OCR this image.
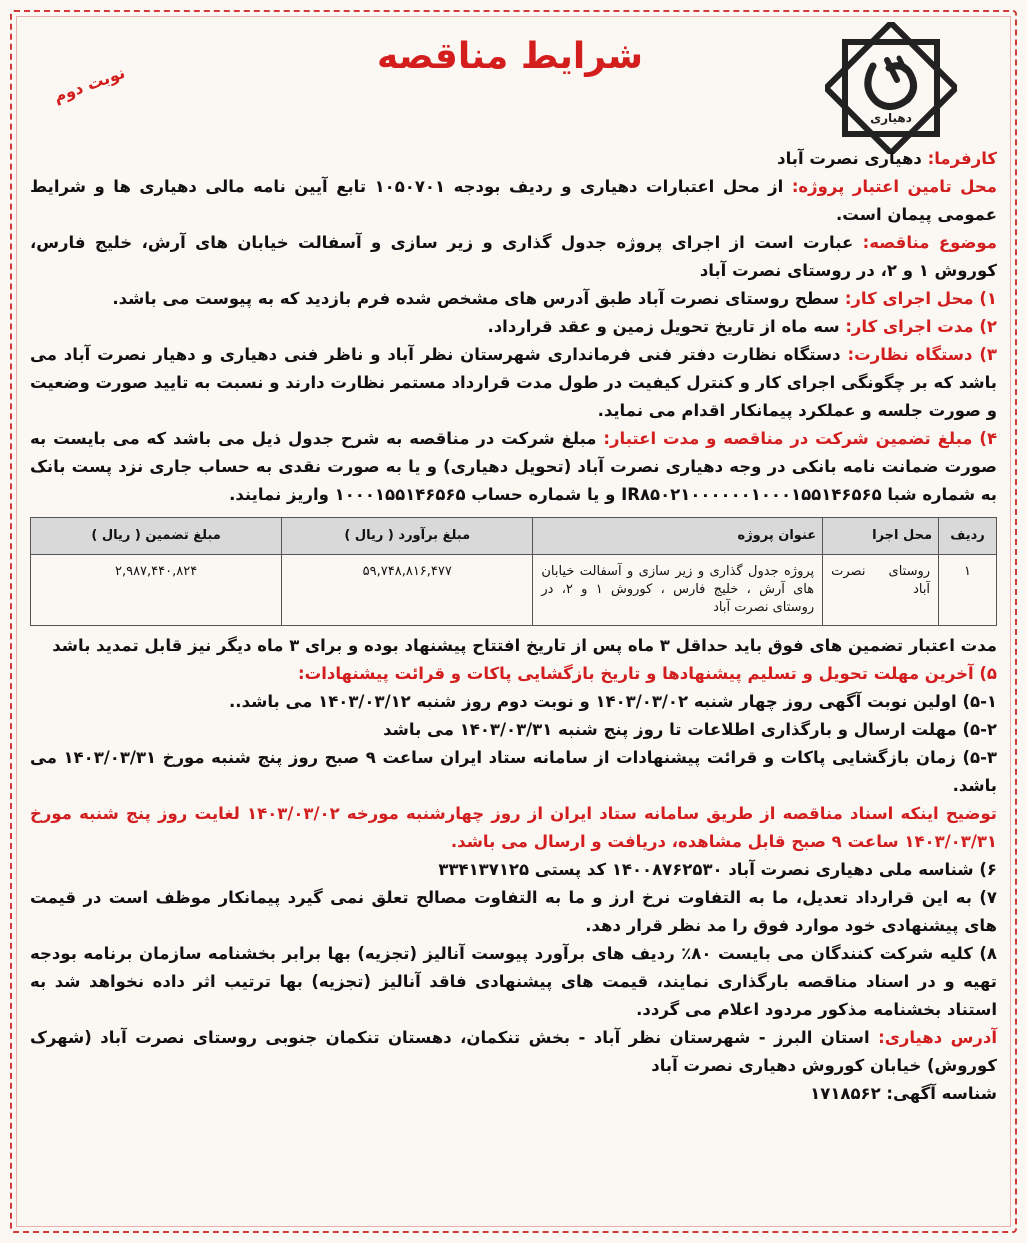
دهیاری
شرایط مناقصه
نوبت دوم

کارفرما: دهیاری نصرت آباد

محل تامین اعتبار پروژه: از محل اعتبارات دهیاری و ردیف بودجه ۱۰۵۰۷۰۱ تابع آیین نامه مالی دهیاری ها و شرایط عمومی پیمان است.

موضوع مناقصه: عبارت است از اجرای پروژه جدول گذاری و زیر سازی و آسفالت خیابان های آرش، خلیج فارس، کوروش ۱ و ۲، در روستای نصرت آباد

۱) محل اجرای کار: سطح روستای نصرت آباد طبق آدرس های مشخص شده فرم بازدید که به پیوست می باشد.

۲) مدت اجرای کار: سه ماه از تاریخ تحویل زمین و عقد قرارداد.

۳) دستگاه نظارت: دستگاه نظارت دفتر فنی فرمانداری شهرستان نظر آباد و ناظر فنی دهیاری و دهیار نصرت آباد می باشد که بر چگونگی اجرای کار و کنترل کیفیت در طول مدت قرارداد مستمر نظارت دارند و نسبت به تایید صورت وضعیت و صورت جلسه و عملکرد پیمانکار اقدام می نماید.

۴) مبلغ تضمین شرکت در مناقصه و مدت اعتبار: مبلغ شرکت در مناقصه به شرح جدول ذیل می باشد که می بایست به صورت ضمانت نامه بانکی در وجه دهیاری نصرت آباد (تحویل دهیاری) و یا به صورت نقدی به حساب جاری نزد پست بانک به شماره شبا IR۸۵۰۲۱۰۰۰۰۰۰۱۰۰۰۱۵۵۱۴۶۵۶۵ و یا شماره حساب ۱۰۰۰۱۵۵۱۴۶۵۶۵ واریز نمایند.

ردیف	محل اجرا	عنوان پروژه	مبلغ برآورد ( ریال )	مبلغ تضمین ( ریال )
۱	روستای نصرت آباد	پروژه جدول گذاری و زیر سازی و آسفالت خیابان های آرش ، خلیج فارس ، کوروش ۱ و ۲، در روستای نصرت آباد	۵۹,۷۴۸,۸۱۶,۴۷۷	۲,۹۸۷,۴۴۰,۸۲۴

مدت اعتبار تضمین های فوق باید حداقل ۳ ماه پس از تاریخ افتتاح پیشنهاد بوده و برای ۳ ماه دیگر نیز قابل تمدید باشد

۵) آخرین مهلت تحویل و تسلیم پیشنهادها و تاریخ بازگشایی پاکات و قرائت پیشنهادات:

۵-۱) اولین نوبت آگهی روز چهار شنبه ۱۴۰۳/۰۳/۰۲ و نوبت دوم روز شنبه ۱۴۰۳/۰۳/۱۲ می باشد..

۵-۲) مهلت ارسال و بارگذاری اطلاعات تا روز پنج شنبه ۱۴۰۳/۰۳/۳۱ می باشد

۵-۳) زمان بازگشایی پاکات و قرائت پیشنهادات از سامانه ستاد ایران ساعت ۹ صبح روز پنج شنبه مورخ ۱۴۰۳/۰۳/۳۱ می باشد.

توضیح اینکه اسناد مناقصه از طریق سامانه ستاد ایران از روز چهارشنبه مورخه ۱۴۰۳/۰۳/۰۲ لغایت روز پنج شنبه مورخ ۱۴۰۳/۰۳/۳۱ ساعت ۹ صبح قابل مشاهده، دریافت و ارسال می باشد.

۶) شناسه ملی دهیاری نصرت آباد ۱۴۰۰۸۷۶۲۵۳۰ کد پستی ۳۳۴۱۳۷۱۲۵

۷) به این قرارداد تعدیل، ما به التفاوت نرخ ارز و ما به التفاوت مصالح تعلق نمی گیرد پیمانکار موظف است در قیمت های پیشنهادی خود موارد فوق را مد نظر قرار دهد.

۸) کلیه شرکت کنندگان می بایست ۸۰٪ ردیف های برآورد پیوست آنالیز (تجزیه) بها برابر بخشنامه سازمان برنامه بودجه تهیه و در اسناد مناقصه بارگذاری نمایند، قیمت های پیشنهادی فاقد آنالیز (تجزیه) بها ترتیب اثر داده نخواهد شد به استناد بخشنامه مذکور مردود اعلام می گردد.

آدرس دهیاری: استان البرز - شهرستان نظر آباد - بخش تنکمان، دهستان تنکمان جنوبی روستای نصرت آباد (شهرک کوروش) خیابان کوروش دهیاری نصرت آباد

شناسه آگهی: ۱۷۱۸۵۶۲
